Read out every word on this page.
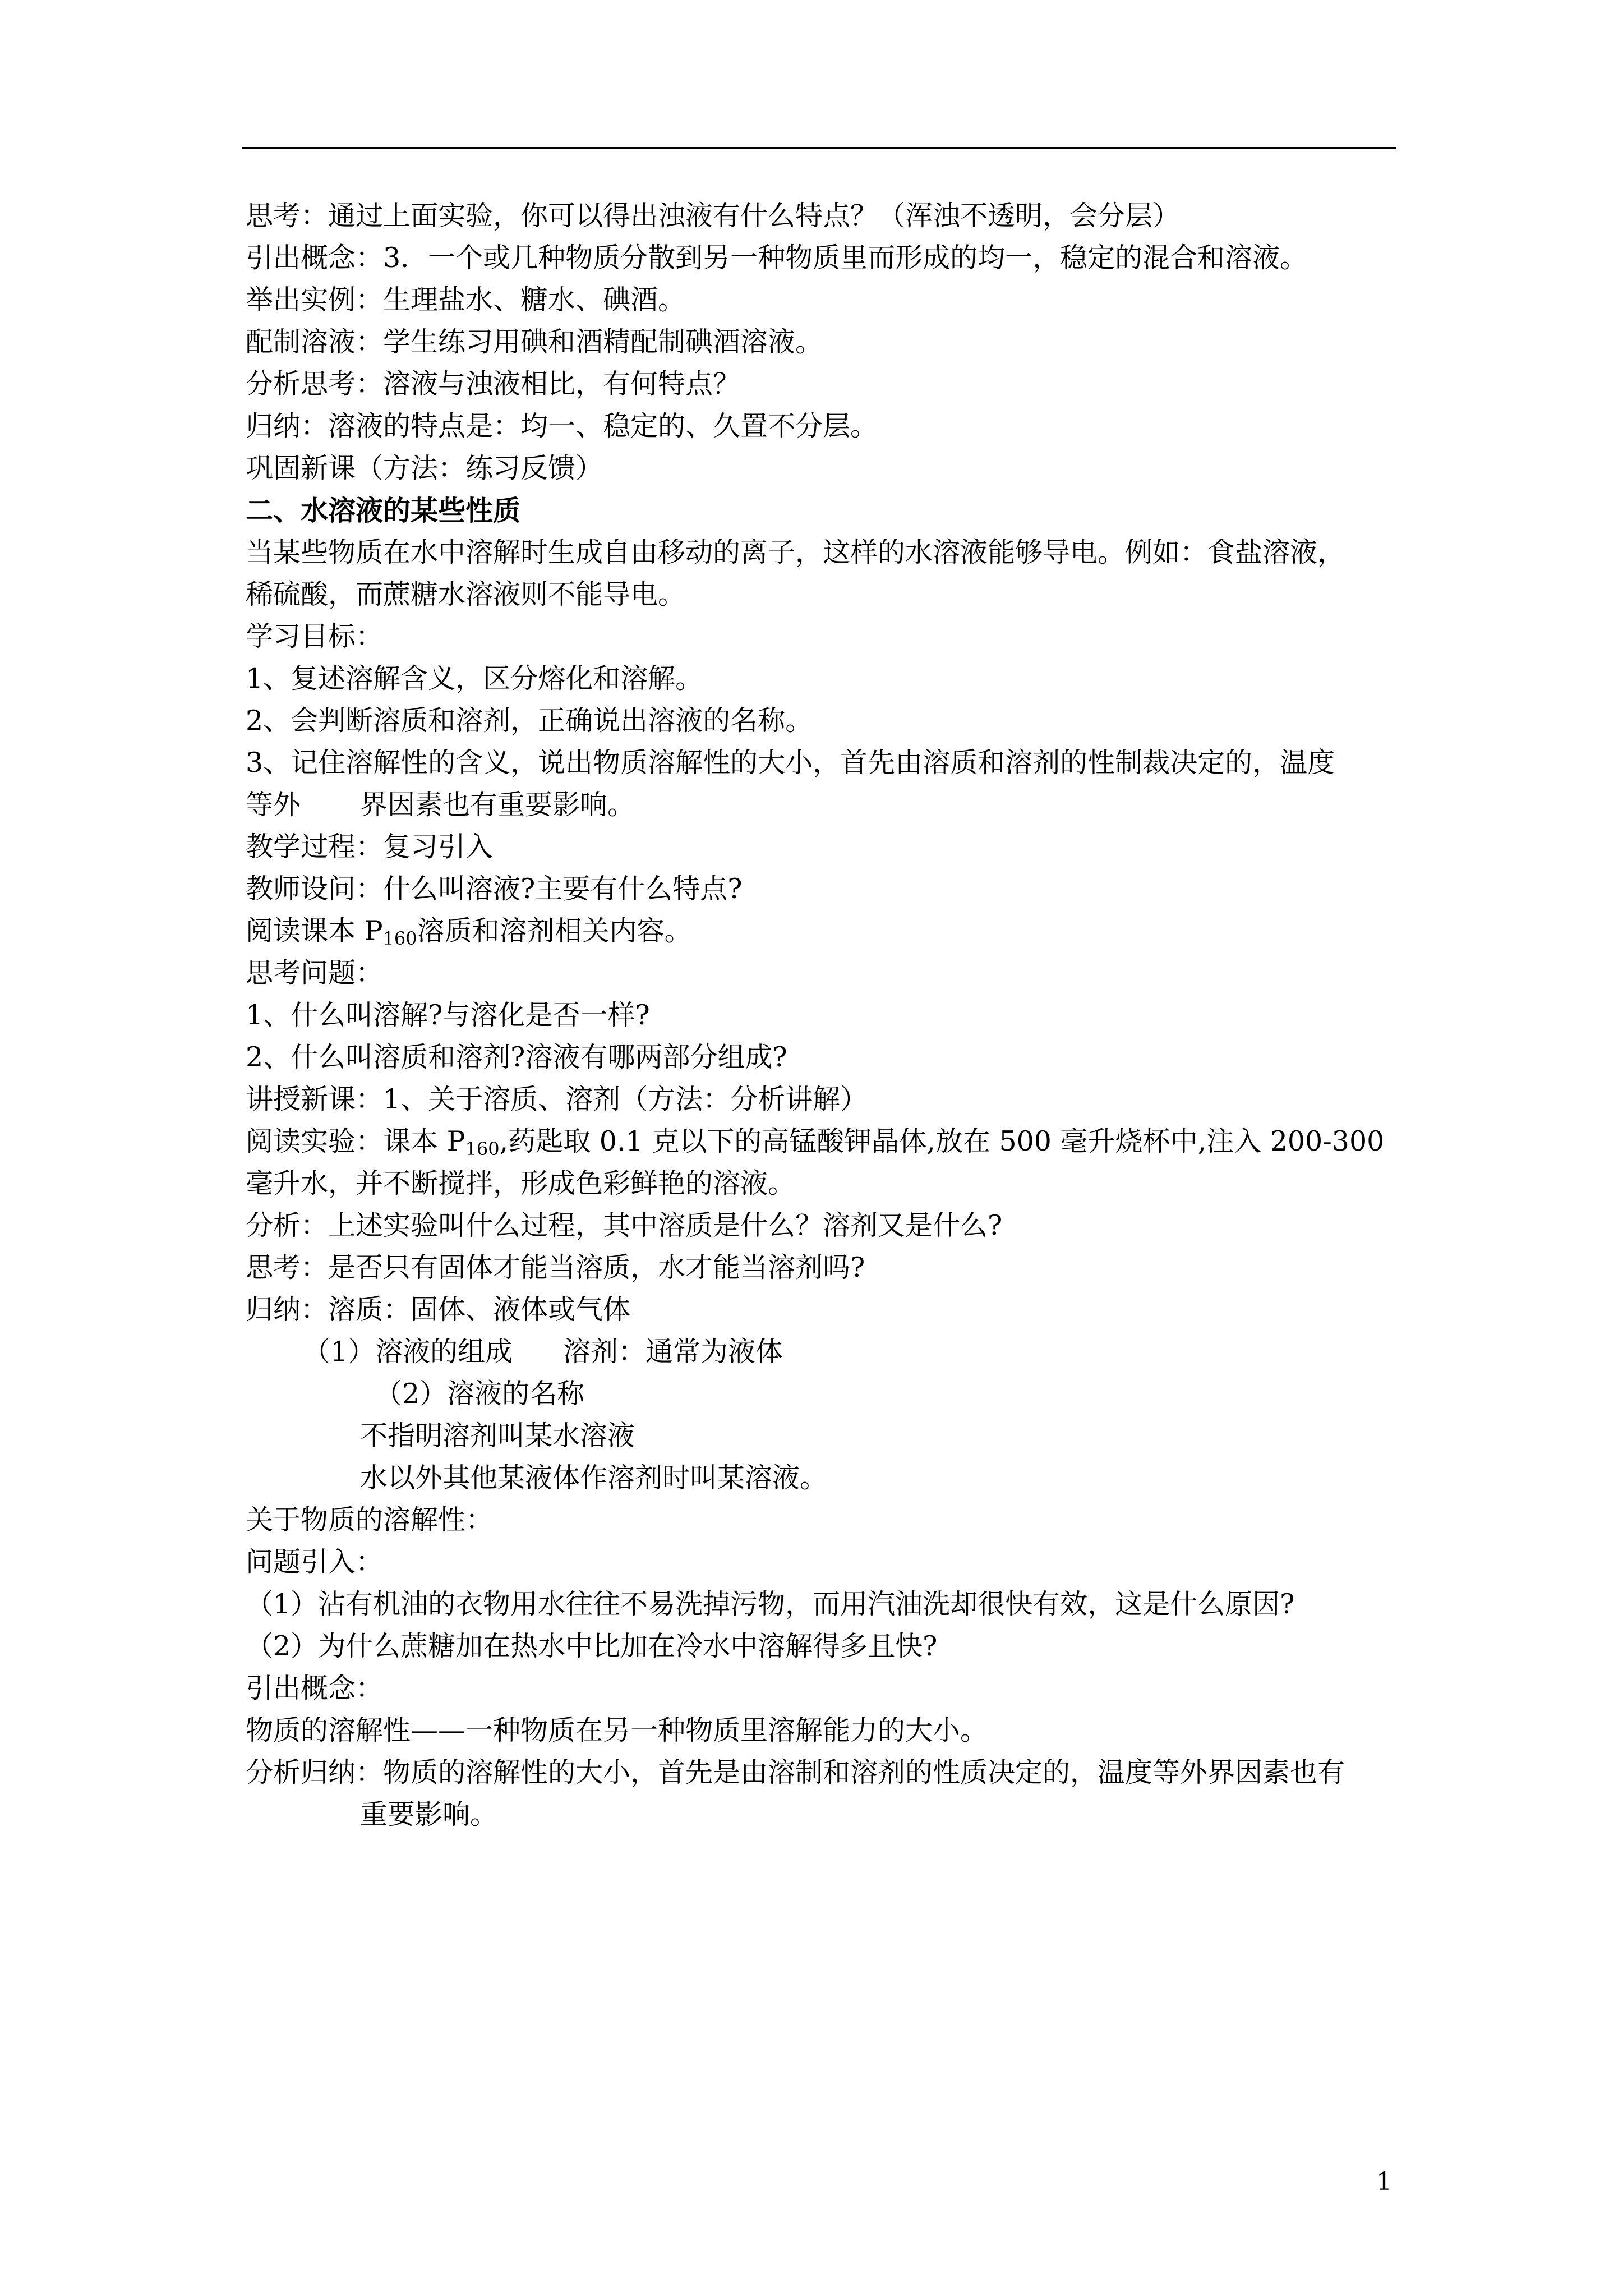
思考：通过上面实验，你可以得出浊液有什么特点？（浑浊不透明，会分层）
引出概念：3．一个或几种物质分散到另一种物质里而形成的均一，稳定的混合和溶液。
举出实例：生理盐水、糖水、碘酒。
配制溶液：学生练习用碘和酒精配制碘酒溶液。
分析思考：溶液与浊液相比，有何特点？
归纳：溶液的特点是：均一、稳定的、久置不分层。
巩固新课（方法：练习反馈）
二、水溶液的某些性质
当某些物质在水中溶解时生成自由移动的离子，这样的水溶液能够导电。例如：食盐溶液，
稀硫酸，而蔗糖水溶液则不能导电。
学习目标：
1、复述溶解含义，区分熔化和溶解。
2、会判断溶质和溶剂，正确说出溶液的名称。
3、记住溶解性的含义，说出物质溶解性的大小，首先由溶质和溶剂的性制裁决定的，温度
等外 界因素也有重要影响。
教学过程：复习引入
教师设问：什么叫溶液?主要有什么特点?
阅读课本 $P_{160}$溶质和溶剂相关内容。
思考问题：
1、什么叫溶解?与溶化是否一样?
2、什么叫溶质和溶剂?溶液有哪两部分组成?
讲授新课：1、关于溶质、溶剂（方法：分析讲解）
阅读实验：课本 $P_{160}$,药匙取 0.1 克以下的高锰酸钾晶体,放在 500 毫升烧杯中,注入 200-300
毫升水，并不断搅拌，形成色彩鲜艳的溶液。
分析：上述实验叫什么过程，其中溶质是什么？溶剂又是什么?
思考：是否只有固体才能当溶质，水才能当溶剂吗?
归纳：溶质：固体、液体或气体
（1）溶液的组成 溶剂：通常为液体
（2）溶液的名称
不指明溶剂叫某水溶液
水以外其他某液体作溶剂时叫某溶液。
关于物质的溶解性：
问题引入：
（1）沾有机油的衣物用水往往不易洗掉污物，而用汽油洗却很快有效，这是什么原因?
（2）为什么蔗糖加在热水中比加在冷水中溶解得多且快?
引出概念：
物质的溶解性——一种物质在另一种物质里溶解能力的大小。
分析归纳：物质的溶解性的大小，首先是由溶制和溶剂的性质决定的，温度等外界因素也有
重要影响。
1
